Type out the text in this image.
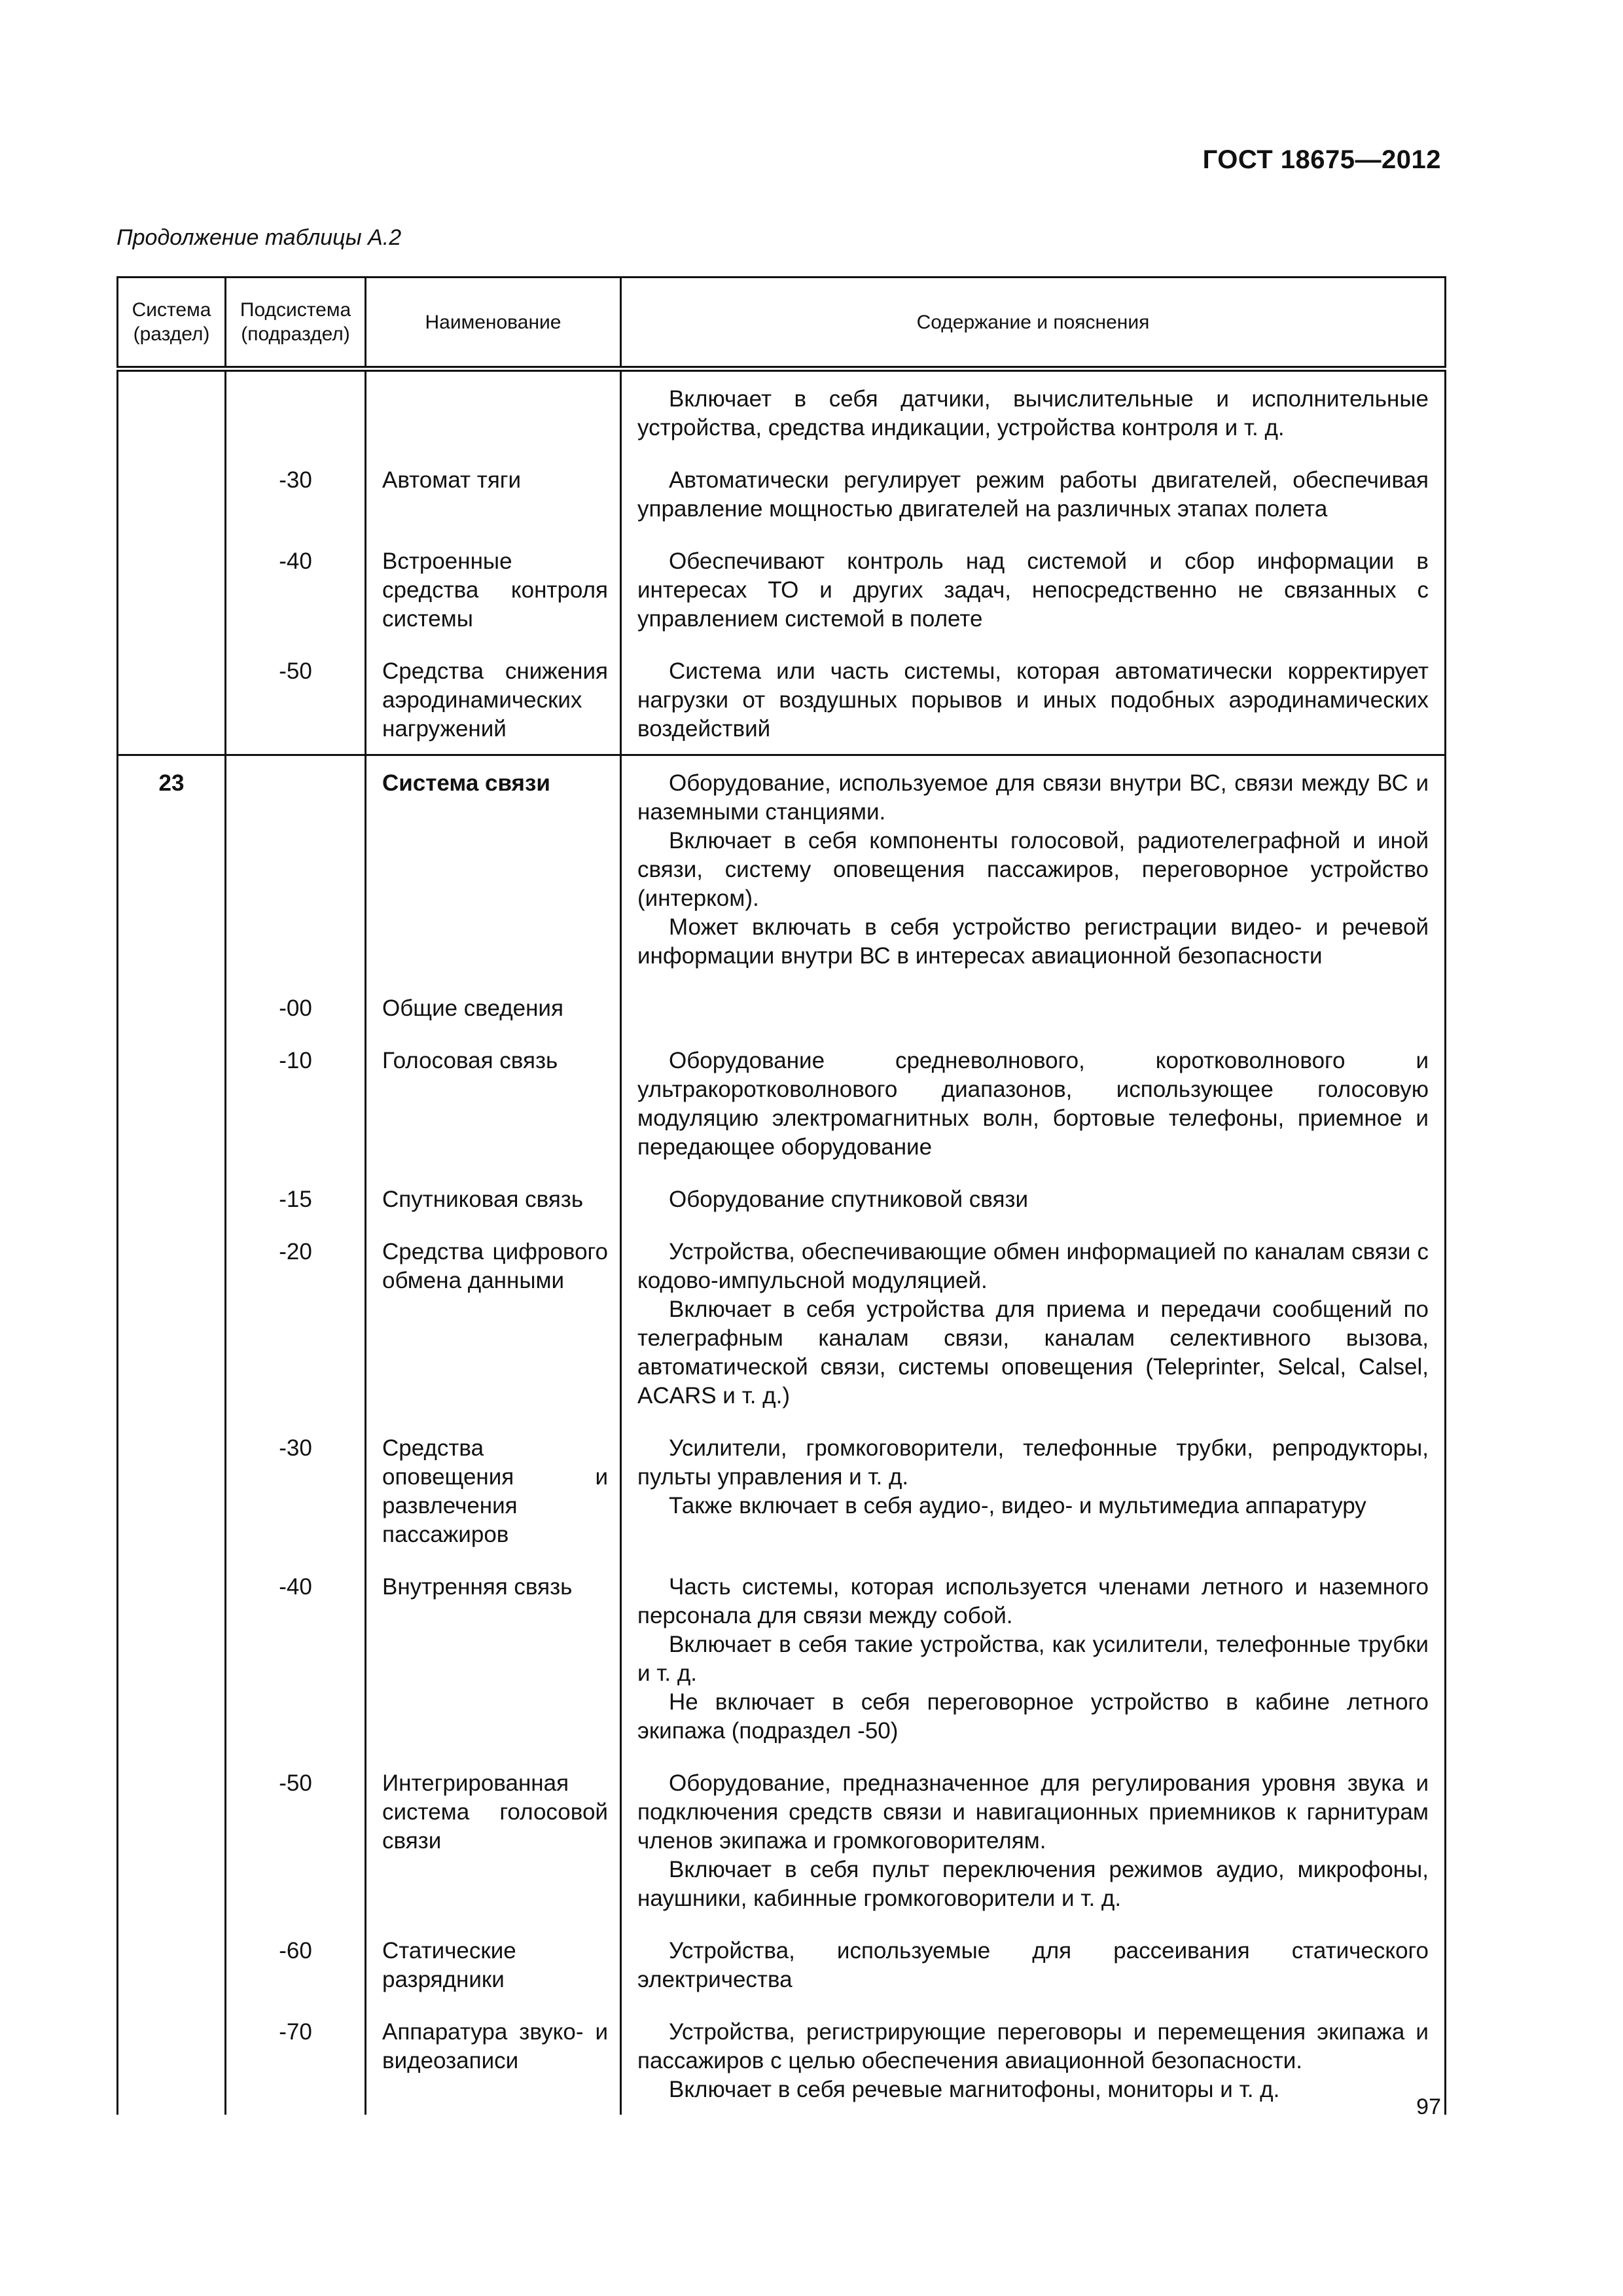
ГОСТ 18675—2012
Продолжение таблицы А.2
Система (раздел)	Подсистема (подраздел)	Наименование	Содержание и пояснения

			Включает в себя датчики, вычислительные и исполнительные устройства, средства индикации, устройства контроля и т. д.

	-30	Автомат тяги	Автоматически регулирует режим работы двигателей, обеспечивая управление мощностью двигателей на различных этапах полета

	-40	Встроенные средства контроля системы	Обеспечивают контроль над системой и сбор информации в интересах ТО и других задач, непосредственно не связанных с управлением системой в полете

	-50	Средства снижения аэродинамических нагружений	Система или часть системы, которая автоматически корректирует нагрузки от воздушных порывов и иных подобных аэродинамических воздействий

23		Система связи	Оборудование, используемое для связи внутри ВС, связи между ВС и наземными станциями.
Включает в себя компоненты голосовой, радиотелеграфной и иной связи, систему оповещения пассажиров, переговорное устройство (интерком).
Может включать в себя устройство регистрации видео- и речевой информации внутри ВС в интересах авиационной безопасности

	-00	Общие сведения	
	-10	Голосовая связь	Оборудование средневолнового, коротковолнового и ультракоротковолнового диапазонов, использующее голосовую модуляцию электромагнитных волн, бортовые телефоны, приемное и передающее оборудование

	-15	Спутниковая связь	Оборудование спутниковой связи

	-20	Средства цифрового обмена данными	Устройства, обеспечивающие обмен информацией по каналам связи с кодово-импульсной модуляцией.
Включает в себя устройства для приема и передачи сообщений по телеграфным каналам связи, каналам селективного вызова, автоматической связи, системы оповещения (Teleprinter, Selcal, Calsel, ACARS и т. д.)

	-30	Средства оповещения и развлечения пассажиров	Усилители, громкоговорители, телефонные трубки, репродукторы, пульты управления и т. д.
Также включает в себя аудио-, видео- и мультимедиа аппаратуру

	-40	Внутренняя связь	Часть системы, которая используется членами летного и наземного персонала для связи между собой.
Включает в себя такие устройства, как усилители, телефонные трубки и т. д.
Не включает в себя переговорное устройство в кабине летного экипажа (подраздел -50)

	-50	Интегрированная система голосовой связи	Оборудование, предназначенное для регулирования уровня звука и подключения средств связи и навигационных приемников к гарнитурам членов экипажа и громкоговорителям.
Включает в себя пульт переключения режимов аудио, микрофоны, наушники, кабинные громкоговорители и т. д.

	-60	Статические разрядники	Устройства, используемые для рассеивания статического электричества

	-70	Аппаратура звуко- и видеозаписи	Устройства, регистрирующие переговоры и перемещения экипажа и пассажиров с целью обеспечения авиационной безопасности.
Включает в себя речевые магнитофоны, мониторы и т. д.
97
